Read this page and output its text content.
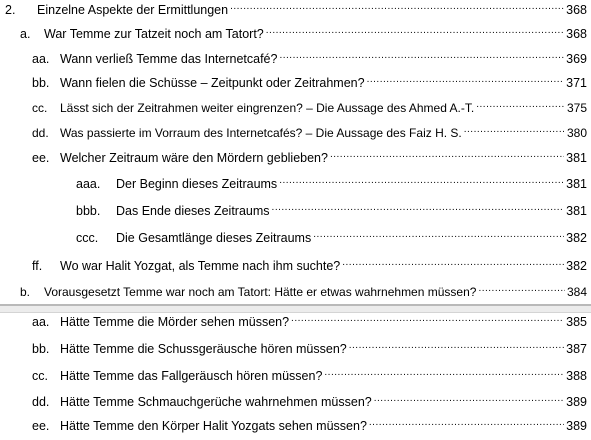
2.	Einzelne Aspekte der Ermittlungen .....	368
a.	War Temme zur Tatzeit noch am Tatort? .....	368
aa. Wann verließ Temme das Internetcafé? .....	369
bb. Wann fielen die Schüsse – Zeitpunkt oder Zeitrahmen? .....	371
cc.	Lässt sich der Zeitrahmen weiter eingrenzen? – Die Aussage des Ahmed A.-T. .....	375
dd. Was passierte im Vorraum des Internetcafés? – Die Aussage des Faiz H. S. .....	380
ee. Welcher Zeitraum wäre den Mördern geblieben? .....	381
aaa.	Der Beginn dieses Zeitraums .....	381
bbb.	Das Ende dieses Zeitraums .....	381
ccc.	Die Gesamtlänge dieses Zeitraums .....	382
ff.	Wo war Halit Yozgat, als Temme nach ihm suchte? .....	382
b.	Vorausgesetzt Temme war noch am Tatort: Hätte er etwas wahrnehmen müssen? .....	384
aa. Hätte Temme die Mörder sehen müssen? .....	385
bb. Hätte Temme die Schussgeräusche hören müssen? .....	387
cc. Hätte Temme das Fallgeräusch hören müssen? .....	388
dd. Hätte Temme Schmauchgerüche wahrnehmen müssen? .....	389
ee. Hätte Temme den Körper Halit Yozgats sehen müssen? .....	389
